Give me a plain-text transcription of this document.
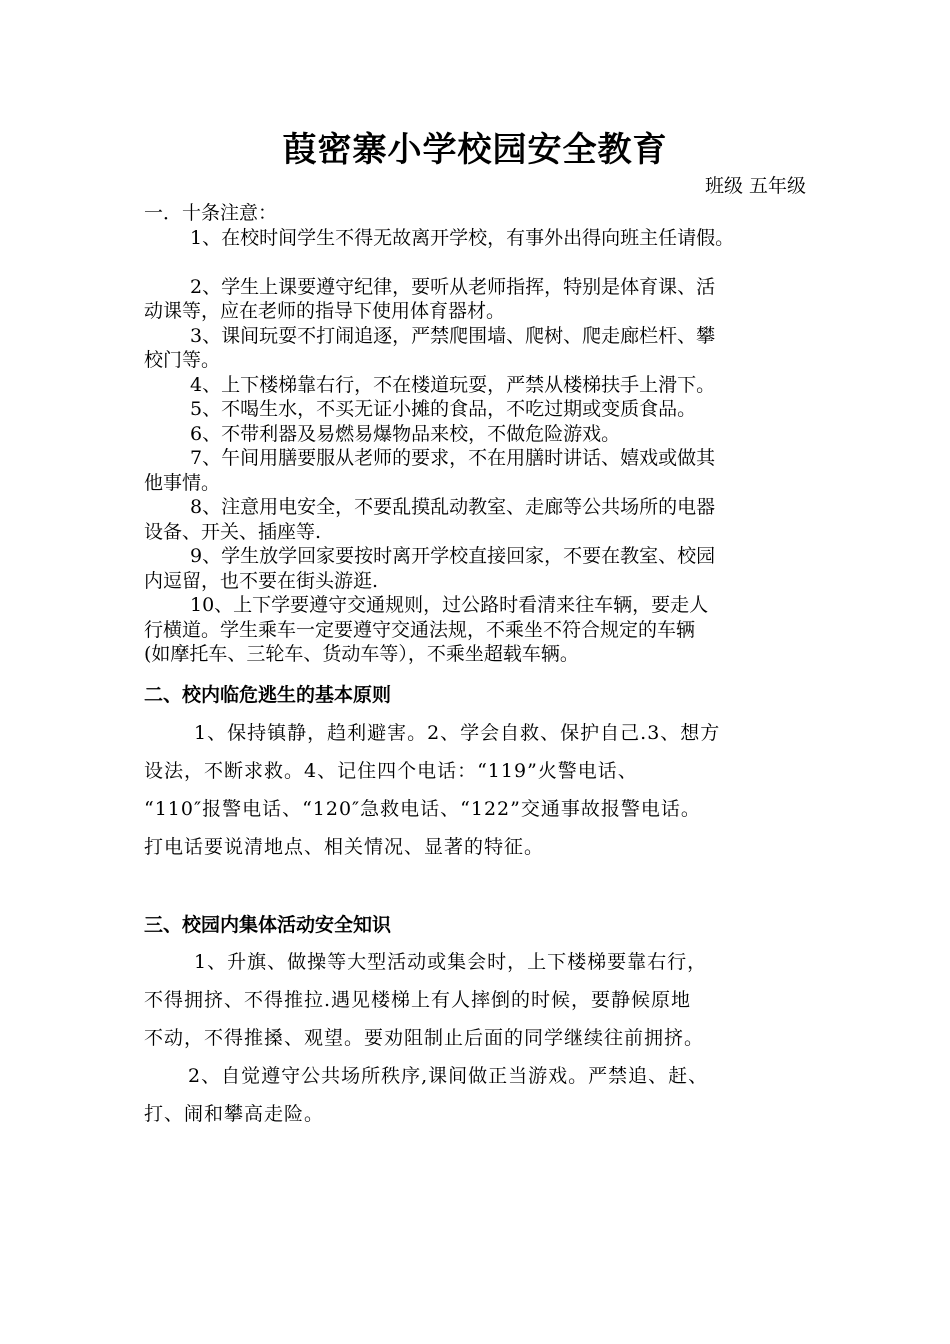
葭密寨小学校园安全教育
班级 五年级
一．十条注意：
1、在校时间学生不得无故离开学校，有事外出得向班主任请假。
2、学生上课要遵守纪律，要听从老师指挥，特别是体育课、活
动课等，应在老师的指导下使用体育器材。
3、课间玩耍不打闹追逐，严禁爬围墙、爬树、爬走廊栏杆、攀
校门等。
4、上下楼梯靠右行，不在楼道玩耍，严禁从楼梯扶手上滑下。
5、不喝生水，不买无证小摊的食品，不吃过期或变质食品。
6、不带利器及易燃易爆物品来校，不做危险游戏。
7、午间用膳要服从老师的要求，不在用膳时讲话、嬉戏或做其
他事情。
8、注意用电安全，不要乱摸乱动教室、走廊等公共场所的电器
设备、开关、插座等.
9、学生放学回家要按时离开学校直接回家，不要在教室、校园
内逗留，也不要在街头游逛.
10、上下学要遵守交通规则，过公路时看清来往车辆，要走人
行横道。学生乘车一定要遵守交通法规，不乘坐不符合规定的车辆
(如摩托车、三轮车、货动车等），不乘坐超载车辆。
二、校内临危逃生的基本原则
1、保持镇静，趋利避害。2、学会自救、保护自己.3、想方
设法，不断求救。4、记住四个电话：“119”火警电话、
“110″报警电话、“120″急救电话、“122”交通事故报警电话。
打电话要说清地点、相关情况、显著的特征。
三、校园内集体活动安全知识
1、升旗、做操等大型活动或集会时，上下楼梯要靠右行，
不得拥挤、不得推拉.遇见楼梯上有人摔倒的时候，要静候原地
不动，不得推搡、观望。要劝阻制止后面的同学继续往前拥挤。
2、自觉遵守公共场所秩序,课间做正当游戏。严禁追、赶、
打、闹和攀高走险。
